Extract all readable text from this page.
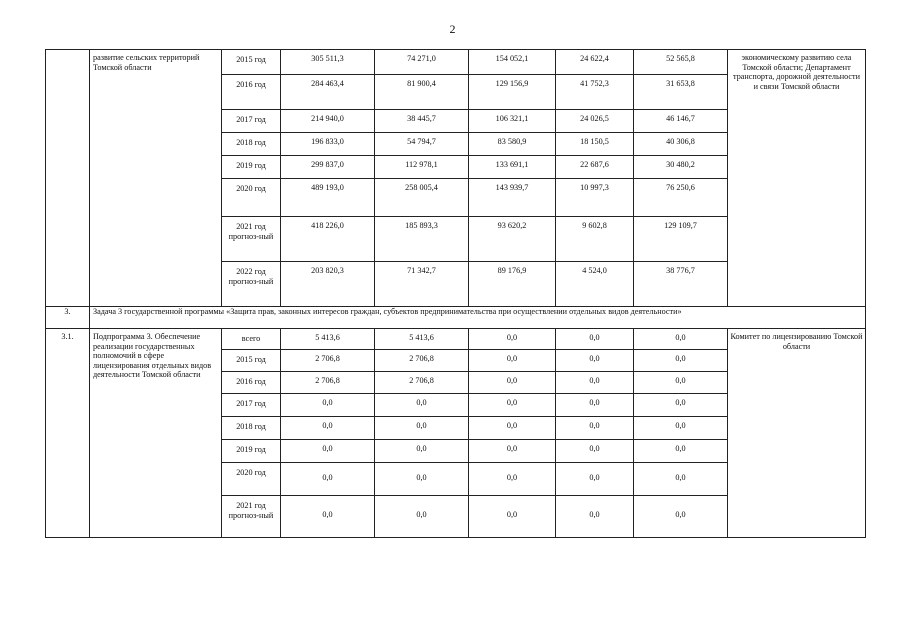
2

	развитие сельских территорий Томской области	2015 год	305 511,3	74 271,0	154 052,1	24 622,4	52 565,8	экономическому развитию села Томской области; Департамент транспорта, дорожной деятельности и связи Томской области

		2016 год	284 463,4	81 900,4	129 156,9	41 752,3	31 653,8	

		2017 год	214 940,0	38 445,7	106 321,1	24 026,5	46 146,7	

		2018 год	196 833,0	54 794,7	83 580,9	18 150,5	40 306,8	

		2019 год	299 837,0	112 978,1	133 691,1	22 687,6	30 480,2	

		2020 год	489 193,0	258 005,4	143 939,7	10 997,3	76 250,6	

		2021 год прогноз-ный	418 226,0	185 893,3	93 620,2	9 602,8	129 109,7	

		2022 год прогноз-ный	203 820,3	71 342,7	89 176,9	4 524,0	38 776,7	

3.	Задача 3 государственной программы «Защита прав, законных интересов граждан, субъектов предпринимательства при осуществлении отдельных видов деятельности»							

3.1.	Подпрограмма 3. Обеспечение реализации государственных полномочий в сфере лицензирования отдельных видов деятельности Томской области	всего	5 413,6	5 413,6	0,0	0,0	0,0	Комитет по лицензированию Томской области

		2015 год	2 706,8	2 706,8	0,0	0,0	0,0	

		2016 год	2 706,8	2 706,8	0,0	0,0	0,0	

		2017 год	0,0	0,0	0,0	0,0	0,0	

		2018 год	0,0	0,0	0,0	0,0	0,0	

		2019 год	0,0	0,0	0,0	0,0	0,0	

		2020 год	0,0	0,0	0,0	0,0	0,0	

		2021 год прогноз-ный	0,0	0,0	0,0	0,0	0,0	
